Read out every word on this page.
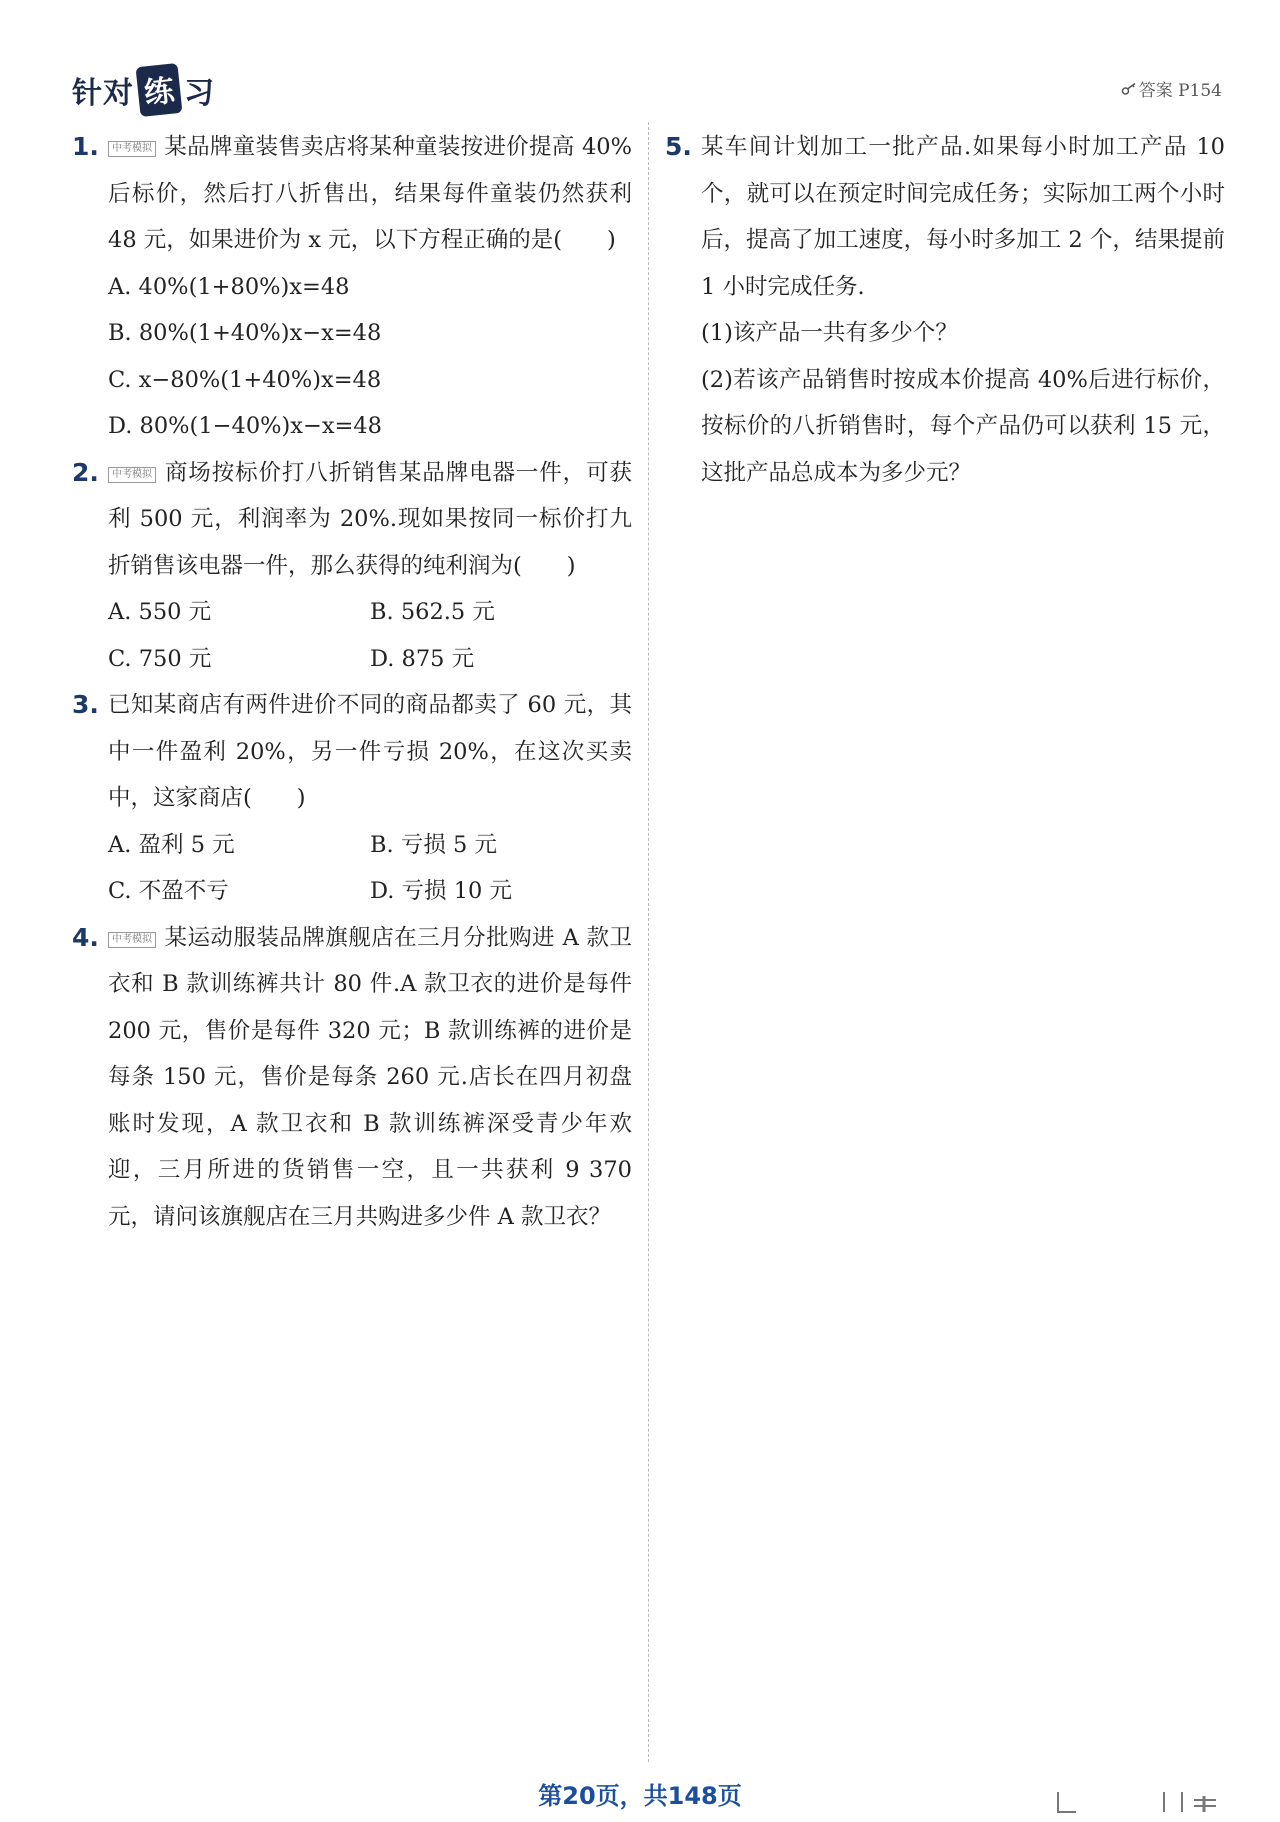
针对 练 习	答案 P154
1.	中考模拟 某品牌童装售卖店将某种童装按进价提高 40%后标价，然后打八折售出，结果每件童装仍然获利 48 元，如果进价为 x 元，以下方程正确的是(　　)
A. 40%(1+80%)x=48
B. 80%(1+40%)x−x=48
C. x−80%(1+40%)x=48
D. 80%(1−40%)x−x=48
2.	中考模拟 商场按标价打八折销售某品牌电器一件，可获利 500 元，利润率为 20%.现如果按同一标价打九折销售该电器一件，那么获得的纯利润为(　　)
A. 550 元	B. 562.5 元
C. 750 元	D. 875 元
3. 已知某商店有两件进价不同的商品都卖了 60 元，其中一件盈利 20%，另一件亏损 20%，在这次买卖中，这家商店(　　)
A. 盈利 5 元	B. 亏损 5 元
C. 不盈不亏	D. 亏损 10 元
4.	中考模拟 某运动服装品牌旗舰店在三月分批购进 A 款卫衣和 B 款训练裤共计 80 件.A 款卫衣的进价是每件 200 元，售价是每件 320 元；B 款训练裤的进价是每条 150 元，售价是每条 260 元.店长在四月初盘账时发现，A 款卫衣和 B 款训练裤深受青少年欢迎，三月所进的货销售一空，且一共获利 9 370 元，请问该旗舰店在三月共购进多少件 A 款卫衣？
5. 某车间计划加工一批产品.如果每小时加工产品 10 个，就可以在预定时间完成任务；实际加工两个小时后，提高了加工速度，每小时多加工 2 个，结果提前 1 小时完成任务.
(1)该产品一共有多少个？
(2)若该产品销售时按成本价提高 40%后进行标价，按标价的八折销售时，每个产品仍可以获利 15 元，这批产品总成本为多少元？
第20页，共148页
